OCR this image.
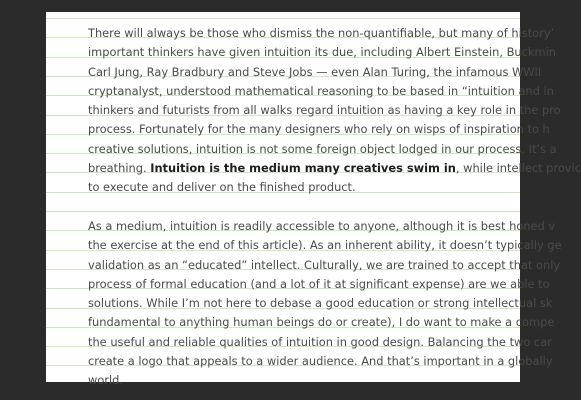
There will always be those who dismiss the non-quantifiable, but many of history’
important thinkers have given intuition its due, including Albert Einstein, Buckmin
Carl Jung, Ray Bradbury and Steve Jobs — even Alan Turing, the infamous WWII
cryptanalyst, understood mathematical reasoning to be based in “intuition and in
thinkers and futurists from all walks regard intuition as having a key role in the pro
process. Fortunately for the many designers who rely on wisps of inspiration to h
creative solutions, intuition is not some foreign object lodged in our process. It’s a
breathing. Intuition is the medium many creatives swim in, while intellect provic
to execute and deliver on the finished product.

As a medium, intuition is readily accessible to anyone, although it is best honed v
the exercise at the end of this article). As an inherent ability, it doesn’t typically ge
validation as an “educated” intellect. Culturally, we are trained to accept that only
process of formal education (and a lot of it at significant expense) are we able to
solutions. While I’m not here to debase a good education or strong intellectual sk
fundamental to anything human beings do or create), I do want to make a compe
the useful and reliable qualities of intuition in good design. Balancing the two car
create a logo that appeals to a wider audience. And that’s important in a globally
world.
